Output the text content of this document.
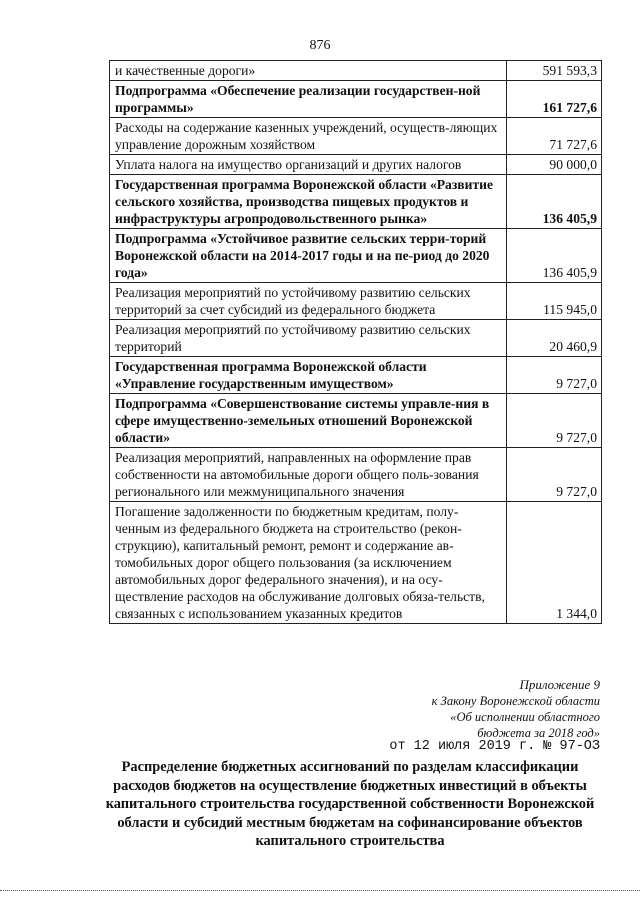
876
и качественные дороги»	591 593,3
Подпрограмма «Обеспечение реализации государствен-ной программы»	161 727,6
Расходы на содержание казенных учреждений, осуществ-ляющих управление дорожным хозяйством	71 727,6
Уплата налога на имущество организаций и других налогов	90 000,0
Государственная программа Воронежской области «Развитие сельского хозяйства, производства пищевых продуктов и инфраструктуры агропродовольственного рынка»	136 405,9
Подпрограмма «Устойчивое развитие сельских терри-торий Воронежской области на 2014-2017 годы и на пе-риод до 2020 года»	136 405,9
Реализация мероприятий по устойчивому развитию сельских территорий за счет субсидий из федерального бюджета	115 945,0
Реализация мероприятий по устойчивому развитию сельских территорий	20 460,9
Государственная программа Воронежской области «Управление государственным имуществом»	9 727,0
Подпрограмма «Совершенствование системы управле-ния в сфере имущественно-земельных отношений Воронежской области»	9 727,0
Реализация мероприятий, направленных на оформление прав собственности на автомобильные дороги общего поль-зования регионального или межмуниципального значения	9 727,0
Погашение задолженности по бюджетным кредитам, полу-ченным из федерального бюджета на строительство (рекон-струкцию), капитальный ремонт, ремонт и содержание ав-томобильных дорог общего пользования (за исключением автомобильных дорог федерального значения), и на осу-ществление расходов на обслуживание долговых обяза-тельств, связанных с использованием указанных кредитов	1 344,0
Приложение 9
к Закону Воронежской области
«Об исполнении областного
бюджета за 2018 год»
от 12 июля 2019 г. № 97-ОЗ
Распределение бюджетных ассигнований по разделам классификации расходов бюджетов на осуществление бюджетных инвестиций в объекты капитального строительства государственной собственности Воронежской области и субсидий местным бюджетам на софинансирование объектов капитального строительства
